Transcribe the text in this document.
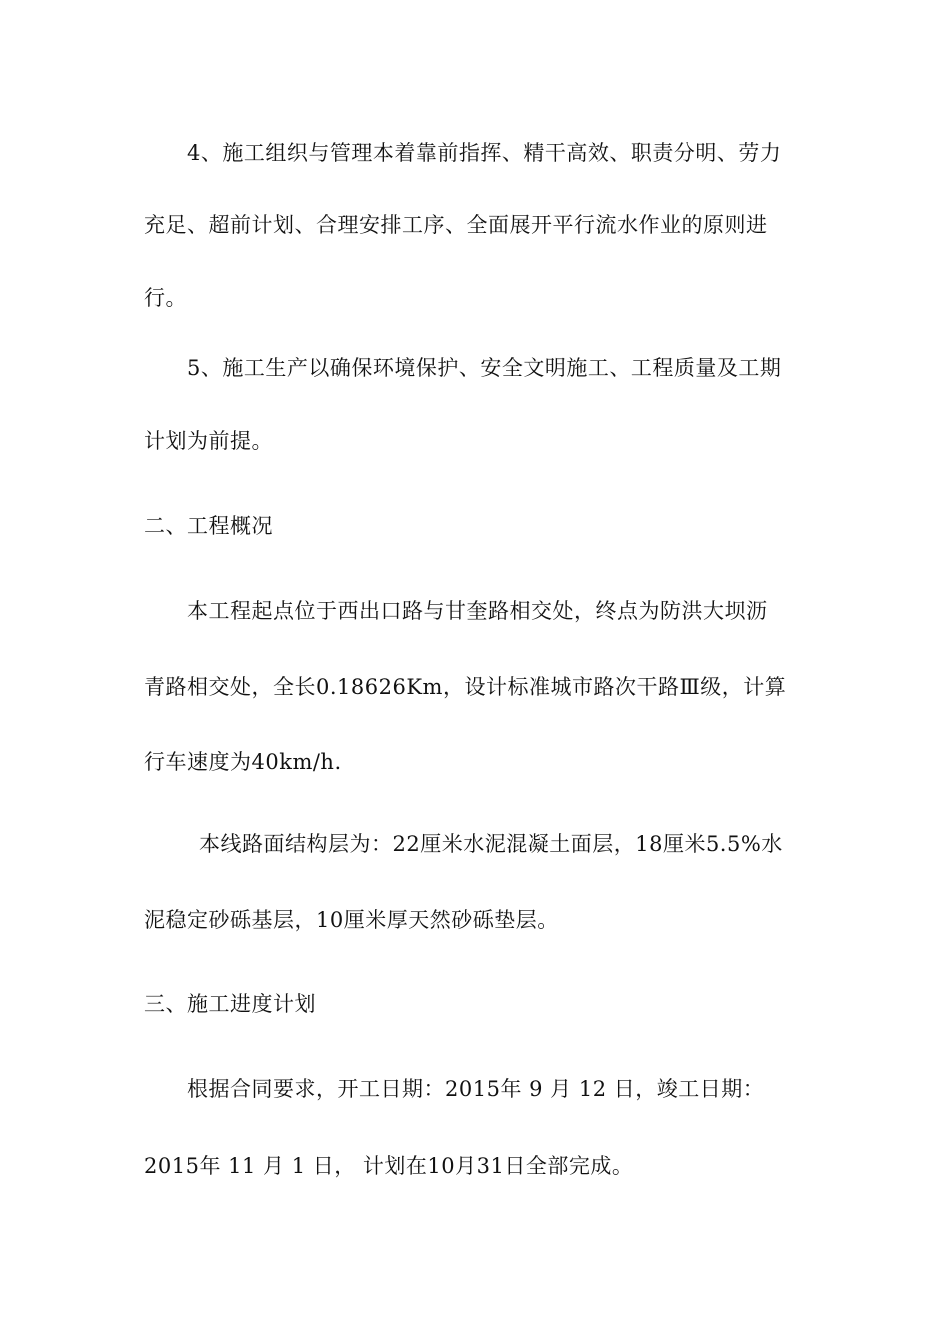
4、施工组织与管理本着靠前指挥、精干高效、职责分明、劳力
充足、超前计划、合理安排工序、全面展开平行流水作业的原则进
行。
5、施工生产以确保环境保护、安全文明施工、工程质量及工期
计划为前提。
二、工程概况
本工程起点位于西出口路与甘奎路相交处，终点为防洪大坝沥
青路相交处，全长0.18626Km，设计标准城市路次干路Ⅲ级，计算
行车速度为40km/h.
本线路面结构层为：22厘米水泥混凝土面层，18厘米5.5%水
泥稳定砂砾基层，10厘米厚天然砂砾垫层。
三、施工进度计划
根据合同要求，开工日期：2015年 9 月 12 日，竣工日期：
2015年 11 月 1 日， 计划在10月31日全部完成。
